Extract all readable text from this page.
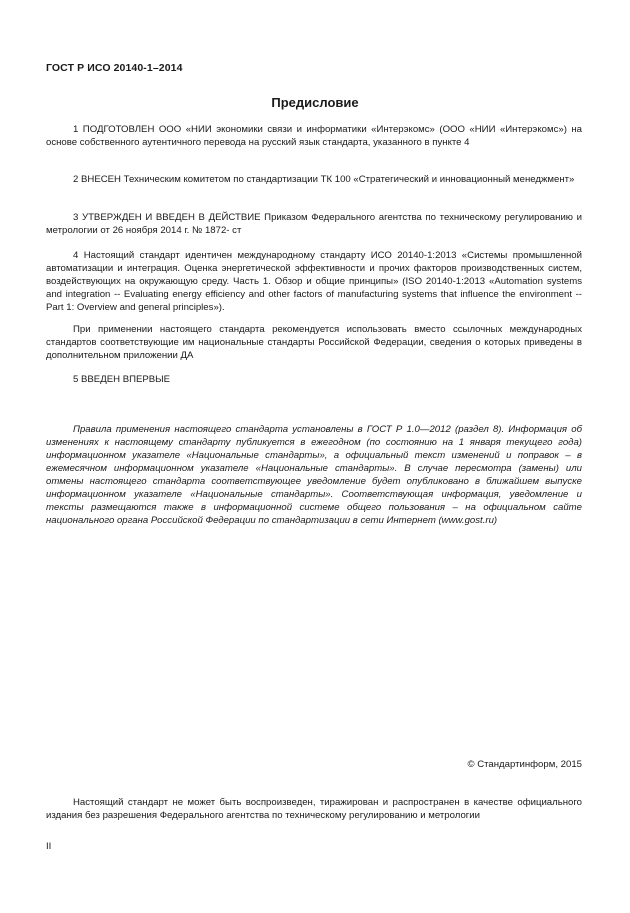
ГОСТ Р ИСО 20140-1–2014
Предисловие

1 ПОДГОТОВЛЕН ООО «НИИ экономики связи и информатики «Интерэкомс» (ООО «НИИ «Интерэкомс») на основе собственного аутентичного перевода на русский язык стандарта, указанного в пункте 4

2 ВНЕСЕН Техническим комитетом по стандартизации ТК 100 «Стратегический и инновационный менеджмент»

3 УТВЕРЖДЕН И ВВЕДЕН В ДЕЙСТВИЕ Приказом Федерального агентства по техническому регулированию и метрологии от 26 ноября 2014 г. № 1872- ст

4 Настоящий стандарт идентичен международному стандарту ИСО 20140-1:2013 «Системы промышленной автоматизации и интеграция. Оценка энергетической эффективности и прочих факторов производственных систем, воздействующих на окружающую среду. Часть 1. Обзор и общие принципы» (ISO 20140-1:2013 «Automation systems and integration -- Evaluating energy efficiency and other factors of manufacturing systems that influence the environment -- Part 1: Overview and general principles»).

При применении настоящего стандарта рекомендуется использовать вместо ссылочных международных стандартов соответствующие им национальные стандарты Российской Федерации, сведения о которых приведены в дополнительном приложении ДА

5 ВВЕДЕН ВПЕРВЫЕ

Правила применения настоящего стандарта установлены в ГОСТ Р 1.0—2012 (раздел 8). Информация об изменениях к настоящему стандарту публикуется в ежегодном (по состоянию на 1 января текущего года) информационном указателе «Национальные стандарты», а официальный текст изменений и поправок – в ежемесячном информационном указателе «Национальные стандарты». В случае пересмотра (замены) или отмены настоящего стандарта соответствующее уведомление будет опубликовано в ближайшем выпуске информационном указателе «Национальные стандарты». Соответствующая информация, уведомление и тексты размещаются также в информационной системе общего пользования – на официальном сайте национального органа Российской Федерации по стандартизации в сети Интернет (www.gost.ru)

© Стандартинформ, 2015

Настоящий стандарт не может быть воспроизведен, тиражирован и распространен в качестве официального издания без разрешения Федерального агентства по техническому регулированию и метрологии

II
